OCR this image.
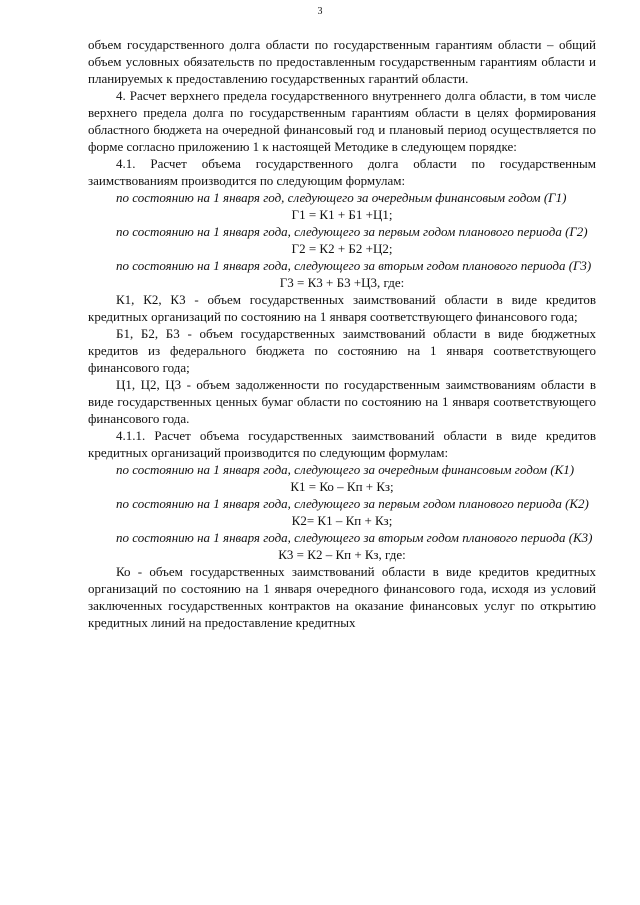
3

объем государственного долга области по государственным гарантиям области – общий объем условных обязательств по предоставленным государственным гарантиям области и планируемых к предоставлению государственных гарантий области.

4. Расчет верхнего предела государственного внутреннего долга области, в том числе верхнего предела долга по государственным гарантиям области в целях формирования областного бюджета на очередной финансовый год и плановый период осуществляется по форме согласно приложению 1 к настоящей Методике в следующем порядке:

4.1. Расчет объема государственного долга области по государственным заимствованиям производится по следующим формулам:

по состоянию на 1 января год, следующего за очередным финансовым годом (Г1)

Г1 = К1 + Б1 +Ц1;

по состоянию на 1 января года, следующего за первым годом планового периода (Г2)

Г2 = К2 + Б2 +Ц2;

по состоянию на 1 января года, следующего за вторым годом планового периода (Г3)

Г3 = К3 + Б3 +Ц3, где:

К1, К2, К3 - объем государственных заимствований области в виде кредитов кредитных организаций по состоянию на 1 января соответствующего финансового года;

Б1, Б2, Б3 - объем государственных заимствований области в виде бюджетных кредитов из федерального бюджета по состоянию на 1 января соответствующего финансового года;

Ц1, Ц2, Ц3 - объем задолженности по государственным заимствованиям области в виде государственных ценных бумаг области по состоянию на 1 января соответствующего финансового года.

4.1.1. Расчет объема государственных заимствований области в виде кредитов кредитных организаций производится по следующим формулам:

по состоянию на 1 января года, следующего за очередным финансовым годом (К1)

К1 = Ко – Кп + Кз;

по состоянию на 1 января года, следующего за первым годом планового периода (К2)

К2= К1 – Кп + Кз;

по состоянию на 1 января года, следующего за вторым годом планового периода (К3)

К3 = К2 – Кп + Кз, где:

Ко - объем государственных заимствований области в виде кредитов кредитных организаций по состоянию на 1 января очередного финансового года, исходя из условий заключенных государственных контрактов на оказание финансовых услуг по открытию кредитных линий на предоставление кредитных
